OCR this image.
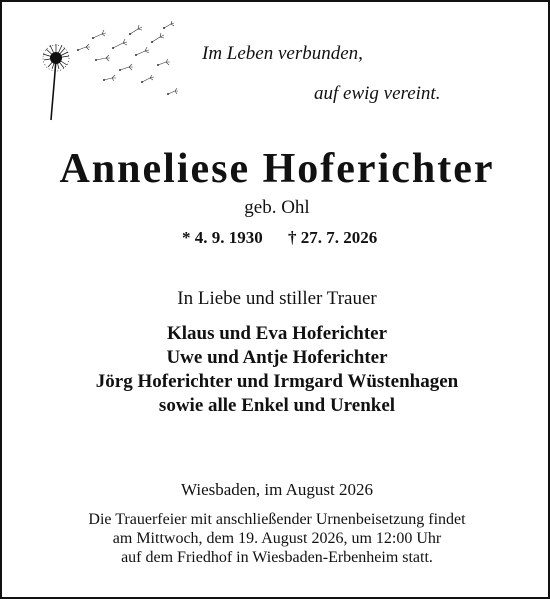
Im Leben verbunden,
auf ewig vereint.
Anneliese Hoferichter
geb. Ohl
* 4. 9. 1930 † 27. 7. 2026
In Liebe und stiller Trauer
Klaus und Eva Hoferichter
Uwe und Antje Hoferichter
Jörg Hoferichter und Irmgard Wüstenhagen
sowie alle Enkel und Urenkel
Wiesbaden, im August 2026
Die Trauerfeier mit anschließender Urnenbeisetzung findet
am Mittwoch, dem 19. August 2026, um 12:00 Uhr
auf dem Friedhof in Wiesbaden-Erbenheim statt.
